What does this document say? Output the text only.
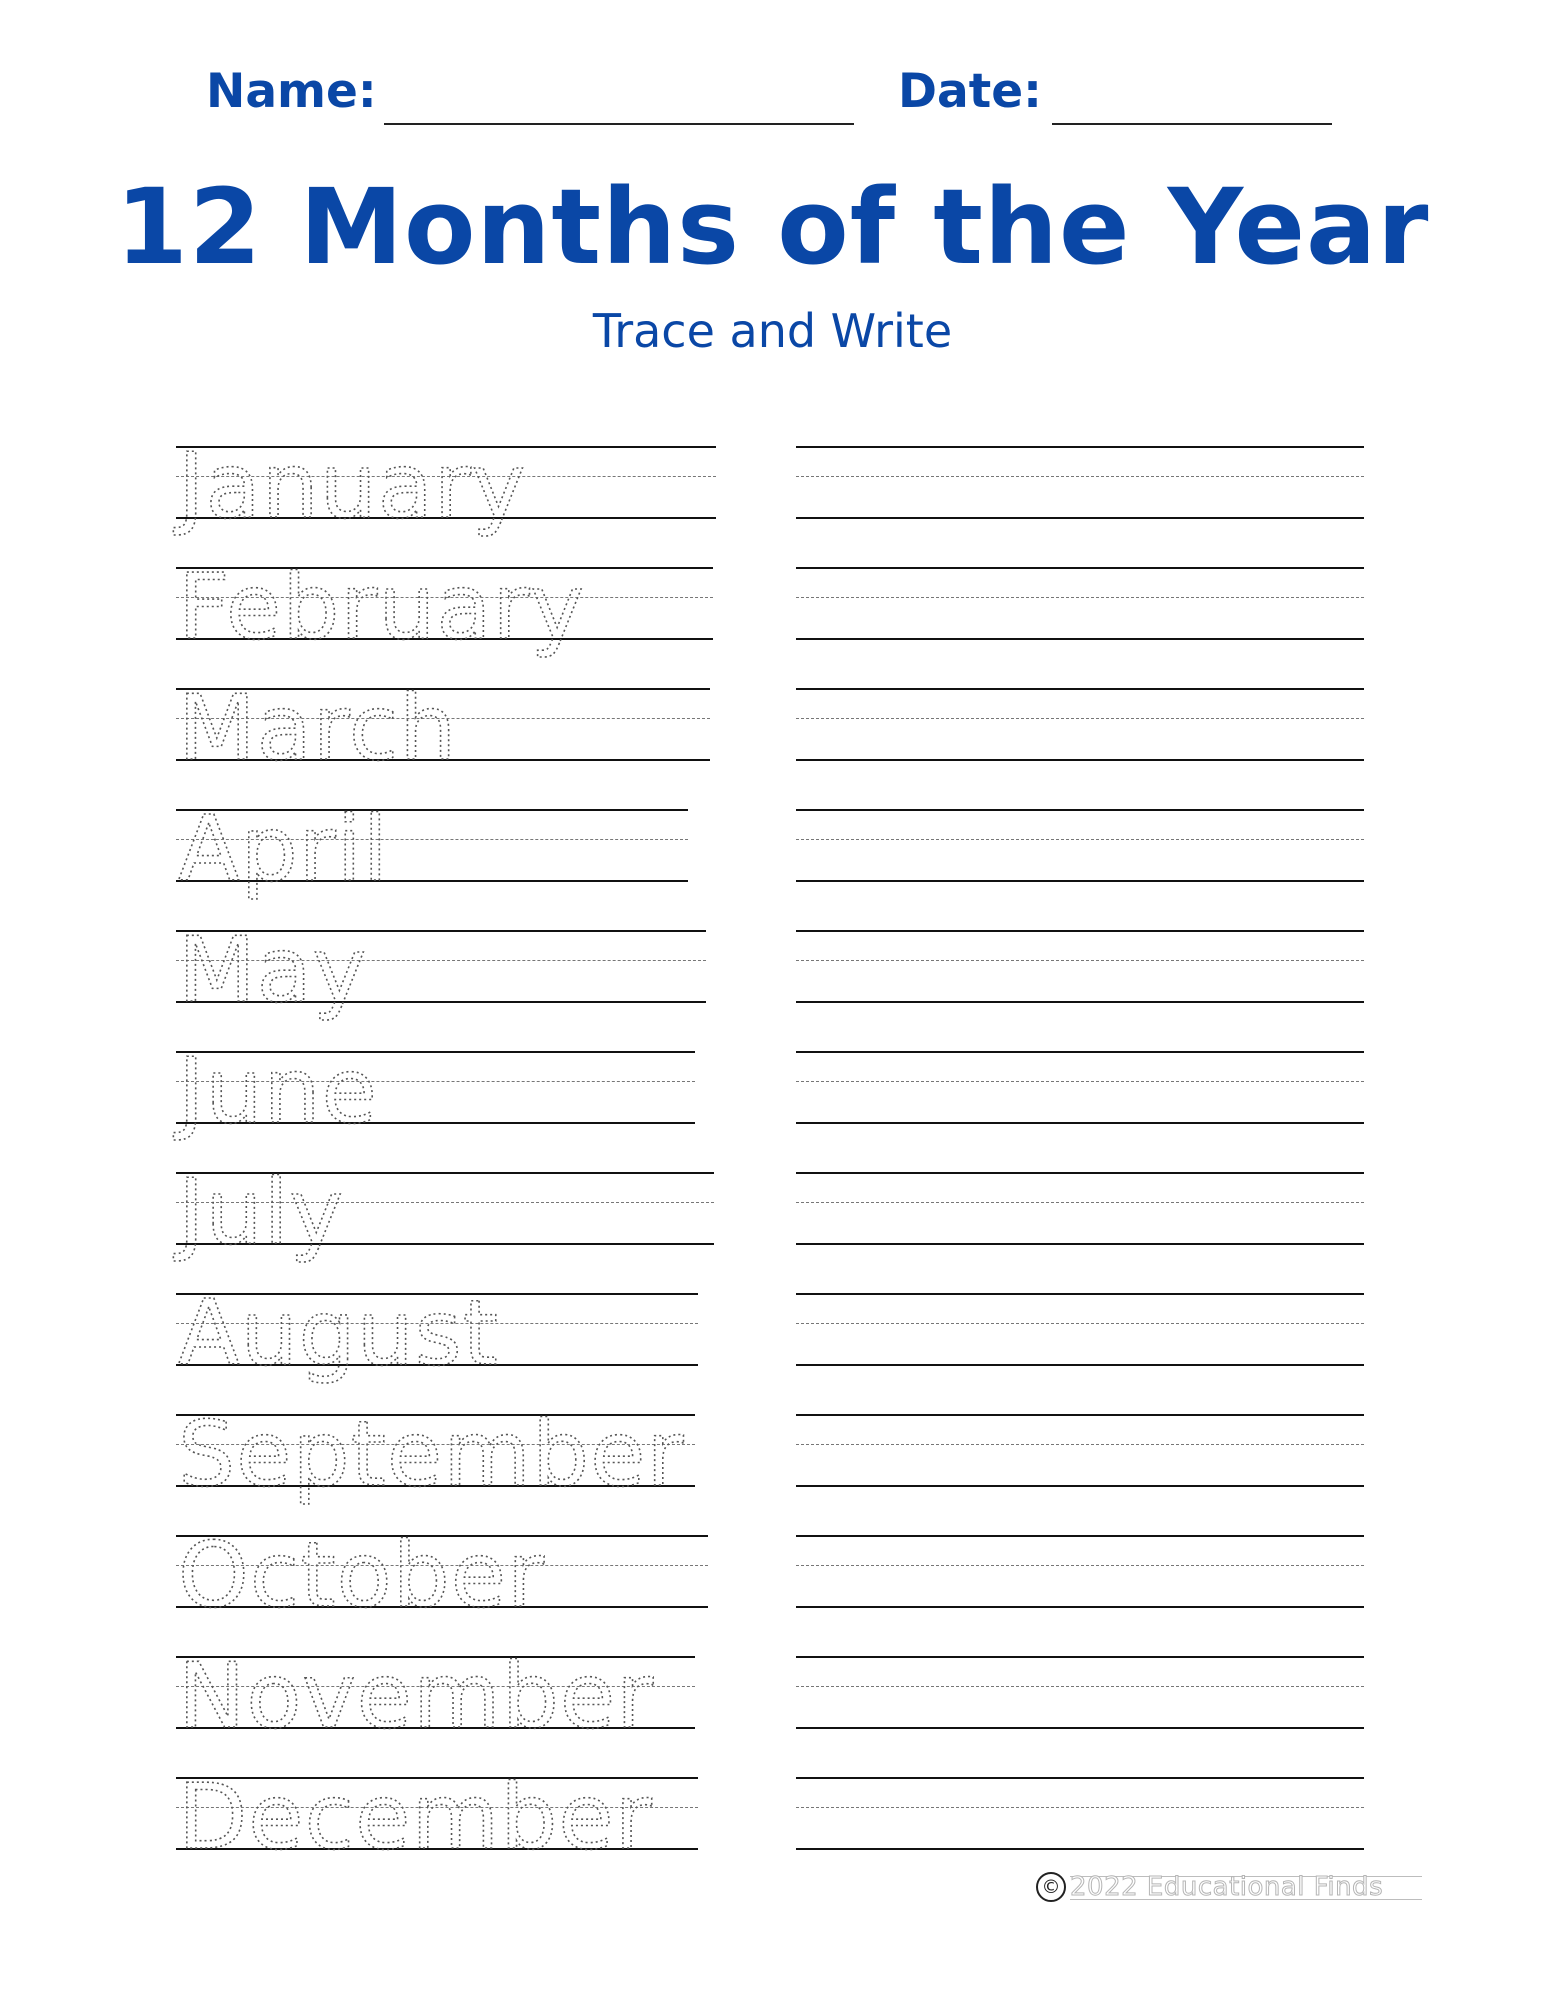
Name:	Date:
12 Months of the Year
Trace and Write
January
February
March
April
May
June
July
August
September
October
November
December
© 2022 Educational Finds
